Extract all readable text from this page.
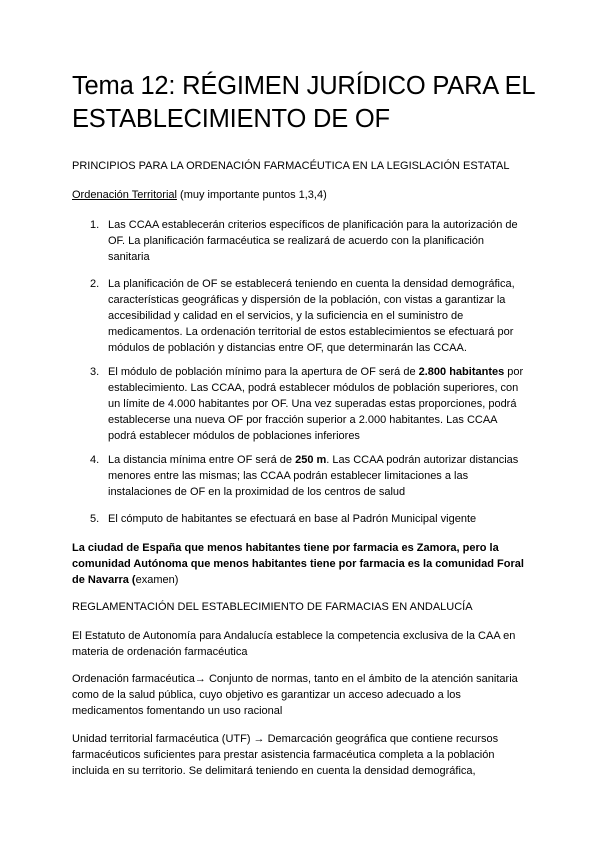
Tema 12: RÉGIMEN JURÍDICO PARA EL ESTABLECIMIENTO DE OF

PRINCIPIOS PARA LA ORDENACIÓN FARMACÉUTICA EN LA LEGISLACIÓN ESTATAL

Ordenación Territorial (muy importante puntos 1,3,4)

1. Las CCAA establecerán criterios específicos de planificación para la autorización de OF. La planificación farmacéutica se realizará de acuerdo con la planificación sanitaria
2. La planificación de OF se establecerá teniendo en cuenta la densidad demográfica, características geográficas y dispersión de la población, con vistas a garantizar la accesibilidad y calidad en el servicios, y la suficiencia en el suministro de medicamentos. La ordenación territorial de estos establecimientos se efectuará por módulos de población y distancias entre OF, que determinarán las CCAA.
3. El módulo de población mínimo para la apertura de OF será de 2.800 habitantes por establecimiento. Las CCAA, podrá establecer módulos de población superiores, con un límite de 4.000 habitantes por OF. Una vez superadas estas proporciones, podrá establecerse una nueva OF por fracción superior a 2.000 habitantes. Las CCAA podrá establecer módulos de poblaciones inferiores
4. La distancia mínima entre OF será de 250 m. Las CCAA podrán autorizar distancias menores entre las mismas; las CCAA podrán establecer limitaciones a las instalaciones de OF en la proximidad de los centros de salud
5. El cómputo de habitantes se efectuará en base al Padrón Municipal vigente

La ciudad de España que menos habitantes tiene por farmacia es Zamora, pero la comunidad Autónoma que menos habitantes tiene por farmacia es la comunidad Foral de Navarra (examen)

REGLAMENTACIÓN DEL ESTABLECIMIENTO DE FARMACIAS EN ANDALUCÍA

El Estatuto de Autonomía para Andalucía establece la competencia exclusiva de la CAA en materia de ordenación farmacéutica

Ordenación farmacéutica→ Conjunto de normas, tanto en el ámbito de la atención sanitaria como de la salud pública, cuyo objetivo es garantizar un acceso adecuado a los medicamentos fomentando un uso racional

Unidad territorial farmacéutica (UTF) → Demarcación geográfica que contiene recursos farmacéuticos suficientes para prestar asistencia farmacéutica completa a la población incluida en su territorio. Se delimitará teniendo en cuenta la densidad demográfica,
